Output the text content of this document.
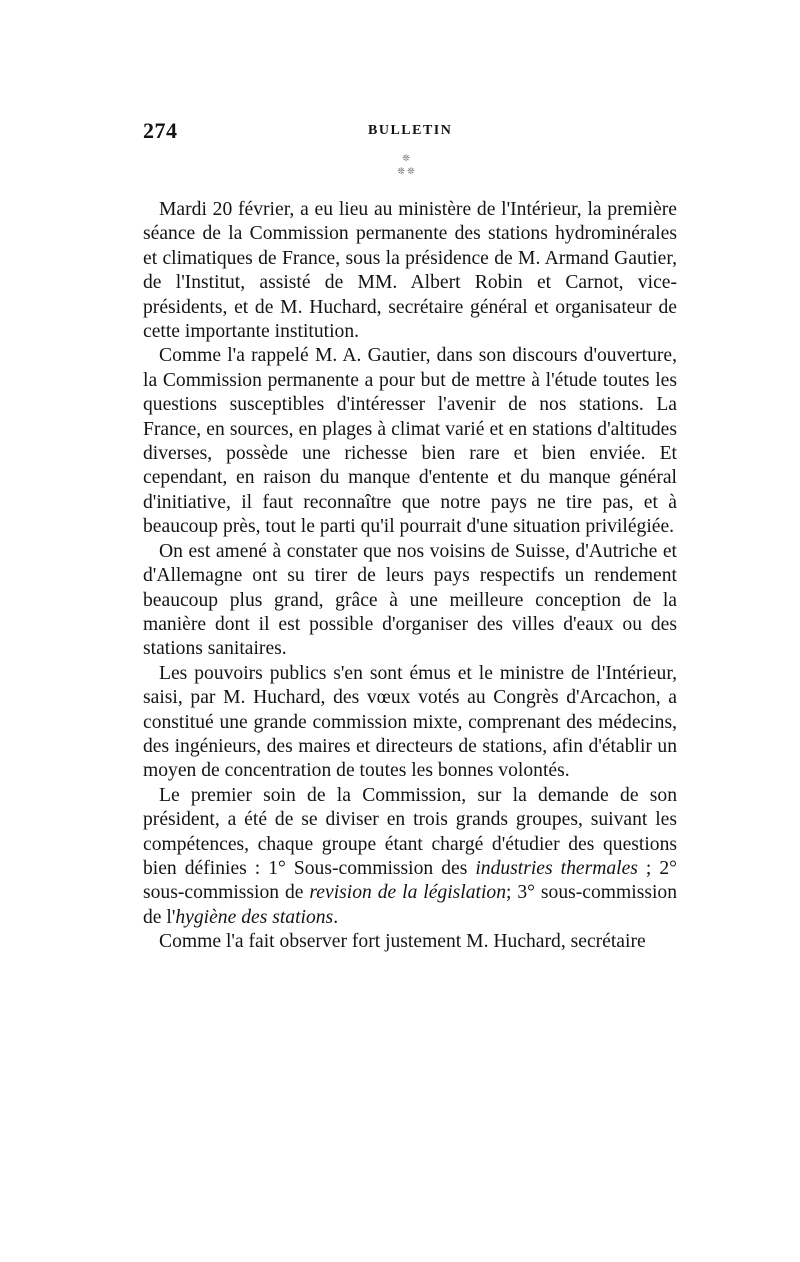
274	BULLETIN
❊
❊ ❊

Mardi 20 février, a eu lieu au ministère de l'Intérieur, la première séance de la Commission permanente des stations hydrominérales et climatiques de France, sous la présidence de M. Armand Gautier, de l'Institut, assisté de MM. Albert Robin et Carnot, vice-présidents, et de M. Huchard, secrétaire général et organisateur de cette importante institution.

Comme l'a rappelé M. A. Gautier, dans son discours d'ouverture, la Commission permanente a pour but de mettre à l'étude toutes les questions susceptibles d'intéresser l'avenir de nos stations. La France, en sources, en plages à climat varié et en stations d'altitudes diverses, possède une richesse bien rare et bien enviée. Et cependant, en raison du manque d'entente et du manque général d'initiative, il faut reconnaître que notre pays ne tire pas, et à beaucoup près, tout le parti qu'il pourrait d'une situation privilégiée.

On est amené à constater que nos voisins de Suisse, d'Autriche et d'Allemagne ont su tirer de leurs pays respectifs un rendement beaucoup plus grand, grâce à une meilleure conception de la manière dont il est possible d'organiser des villes d'eaux ou des stations sanitaires.

Les pouvoirs publics s'en sont émus et le ministre de l'Intérieur, saisi, par M. Huchard, des vœux votés au Congrès d'Arcachon, a constitué une grande commission mixte, comprenant des médecins, des ingénieurs, des maires et directeurs de stations, afin d'établir un moyen de concentration de toutes les bonnes volontés.

Le premier soin de la Commission, sur la demande de son président, a été de se diviser en trois grands groupes, suivant les compétences, chaque groupe étant chargé d'étudier des questions bien définies : 1° Sous-commission des industries thermales ; 2° sous-commission de revision de la législation; 3° sous-commission de l'hygiène des stations.

Comme l'a fait observer fort justement M. Huchard, secrétaire
